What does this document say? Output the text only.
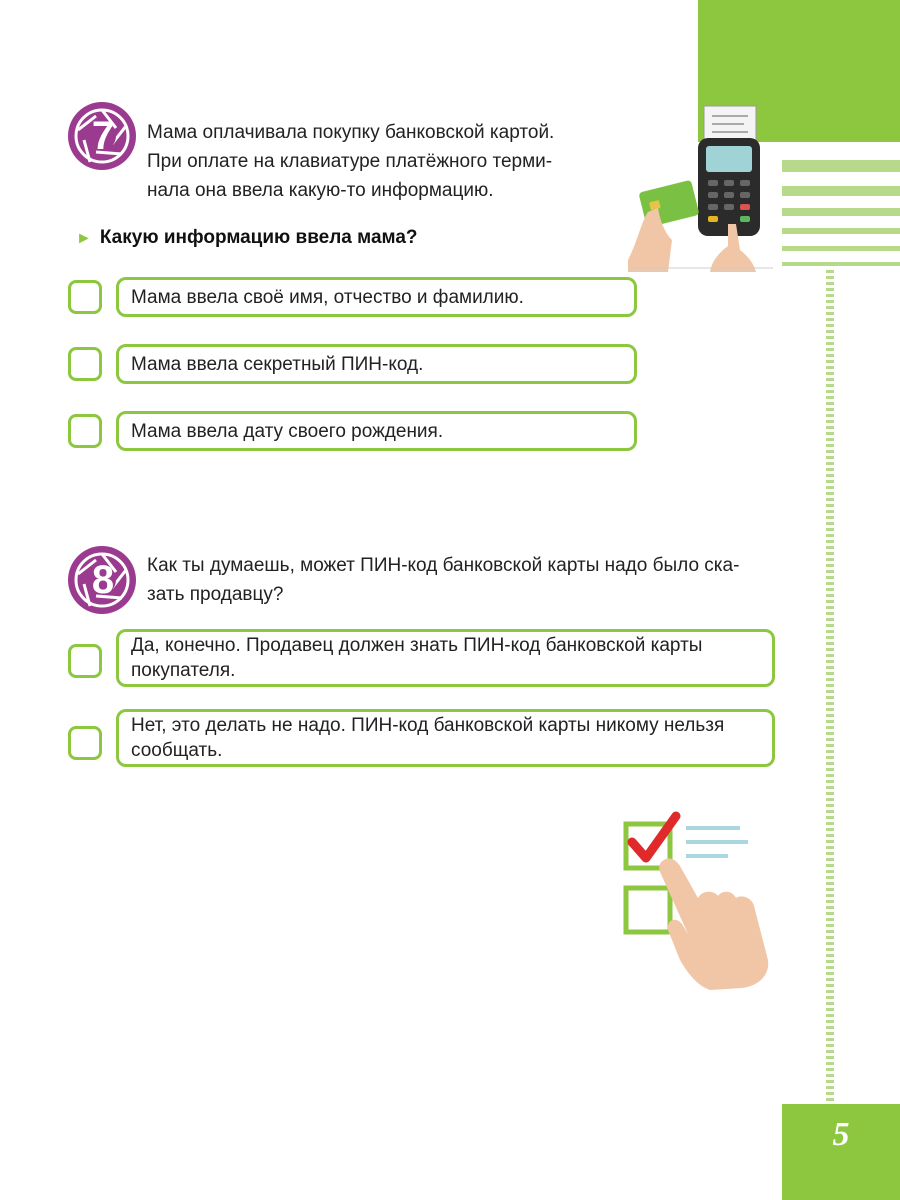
5
7 Мама оплачивала покупку банковской картой.
При оплате на клавиатуре платёжного терми-
нала она ввела какую-то информацию.
► Какую информацию ввела мама?
Мама ввела своё имя, отчество и фамилию.
Мама ввела секретный ПИН-код.
Мама ввела дату своего рождения.
8 Как ты думаешь, может ПИН-код банковской карты надо было ска-
зать продавцу?
Да, конечно. Продавец должен знать ПИН-код банковской карты
покупателя.
Нет, это делать не надо. ПИН-код банковской карты никому нельзя
сообщать.
